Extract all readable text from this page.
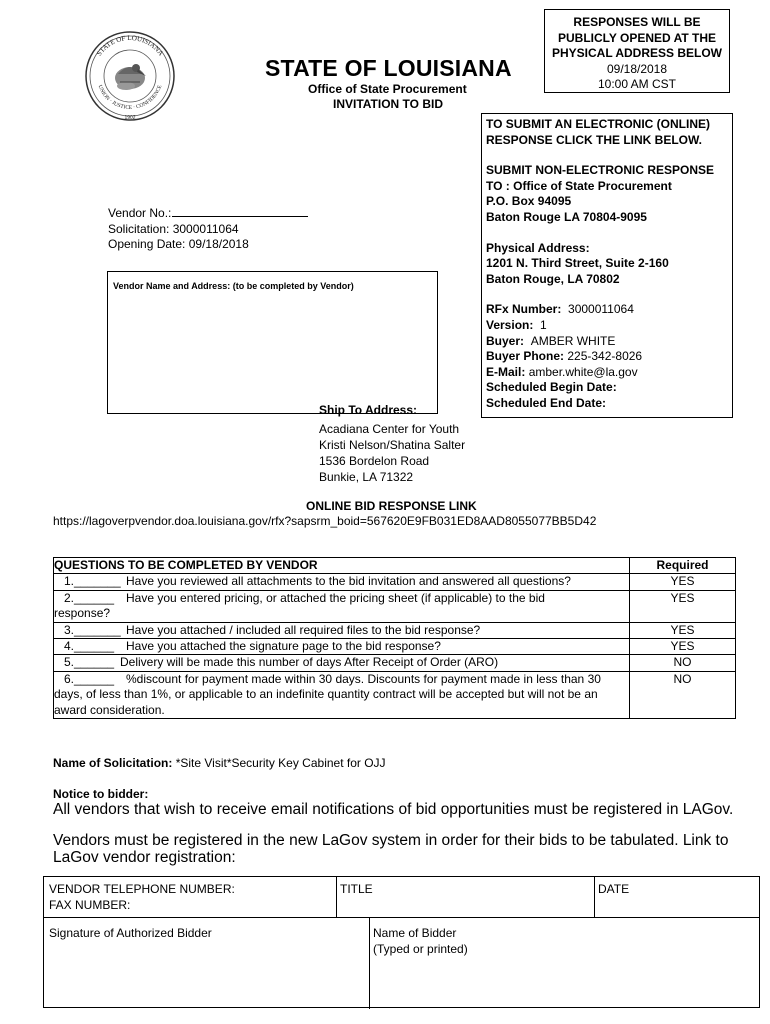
STATE OF LOUISIANA
UNION · JUSTICE · CONFIDENCE
1902
STATE OF LOUISIANA
Office of State Procurement
INVITATION TO BID
RESPONSES WILL BE
PUBLICLY OPENED AT THE
PHYSICAL ADDRESS BELOW
09/18/2018
10:00 AM CST
TO SUBMIT AN ELECTRONIC (ONLINE)
RESPONSE CLICK THE LINK BELOW.
SUBMIT NON-ELECTRONIC RESPONSE
TO : Office of State Procurement
P.O. Box 94095
Baton Rouge LA 70804-9095
Physical Address:
1201 N. Third Street, Suite 2-160
Baton Rouge, LA 70802
RFx Number: 3000011064
Version: 1
Buyer: AMBER WHITE
Buyer Phone: 225-342-8026
E-Mail: amber.white@la.gov
Scheduled Begin Date:
Scheduled End Date:
Vendor No.:
Solicitation: 3000011064
Opening Date: 09/18/2018
Vendor Name and Address: (to be completed by Vendor)
Ship To Address:
Acadiana Center for Youth
Kristi Nelson/Shatina Salter
1536 Bordelon Road
Bunkie, LA 71322
ONLINE BID RESPONSE LINK
https://lagoverpvendor.doa.louisiana.gov/rfx?sapsrm_boid=567620E9FB031ED8AAD8055077BB5D42
QUESTIONS TO BE COMPLETED BY VENDOR	Required
1._______ Have you reviewed all attachments to the bid invitation and answered all questions?	YES
2.______ Have you entered pricing, or attached the pricing sheet (if applicable) to the bid
response?	YES
3._______ Have you attached / included all required files to the bid response?	YES
4.______ Have you attached the signature page to the bid response?	YES
5.______ Delivery will be made this number of days After Receipt of Order (ARO)	NO
6.______ %discount for payment made within 30 days. Discounts for payment made in less than 30
days, of less than 1%, or applicable to an indefinite quantity contract will be accepted but will not be an
award consideration.	NO
Name of Solicitation: *Site Visit*Security Key Cabinet for OJJ
Notice to bidder:
All vendors that wish to receive email notifications of bid opportunities must be registered in LAGov.
Vendors must be registered in the new LaGov system in order for their bids to be tabulated. Link to LaGov vendor registration:
VENDOR TELEPHONE NUMBER:
FAX NUMBER:
TITLE	DATE
Signature of Authorized Bidder	Name of Bidder
(Typed or printed)
